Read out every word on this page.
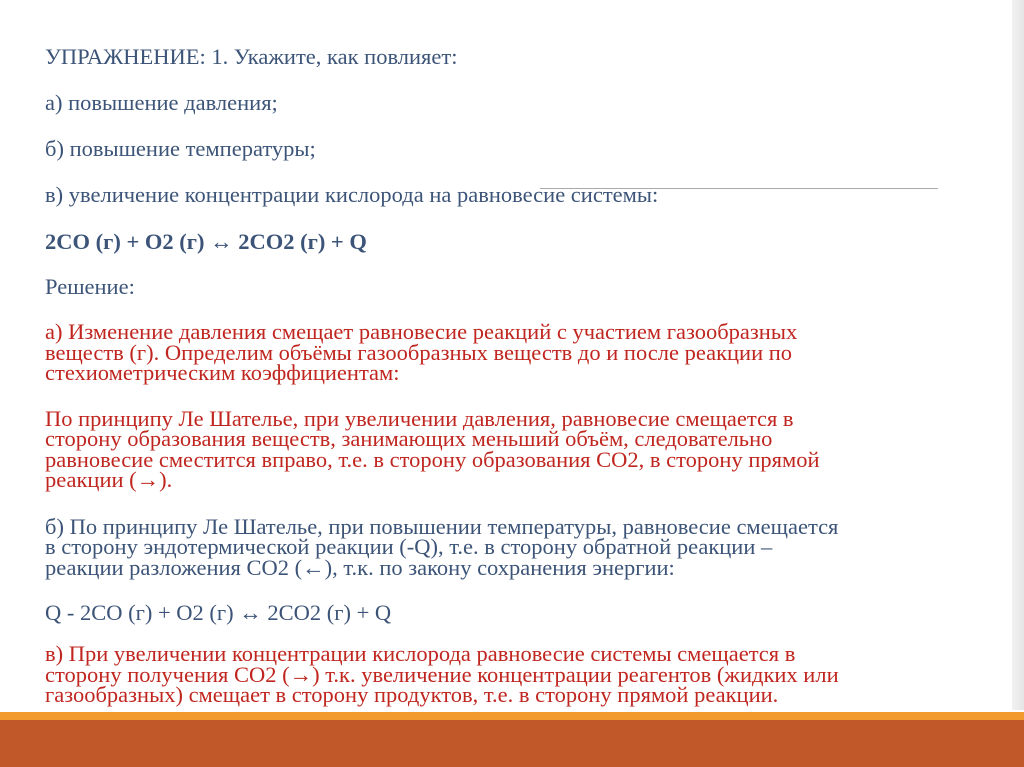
УПРАЖНЕНИЕ: 1. Укажите, как повлияет:

а) повышение давления;

б) повышение температуры;

в) увеличение концентрации кислорода на равновесие системы:

2CO (г) + O2 (г) ↔ 2CO2 (г) + Q

Решение:

а) Изменение давления смещает равновесие реакций с участием газообразных
веществ (г). Определим объёмы газообразных веществ до и после реакции по
стехиометрическим коэффициентам:
По принципу Ле Шателье, при увеличении давления, равновесие смещается в
сторону образования веществ, занимающих меньший объём, следовательно
равновесие сместится вправо, т.е. в сторону образования CO2, в сторону прямой
реакции (→).
б) По принципу Ле Шателье, при повышении температуры, равновесие смещается
в сторону эндотермической реакции (-Q), т.е. в сторону обратной реакции –
реакции разложения CO2 (←), т.к. по закону сохранения энергии:

Q - 2CO (г) + O2 (г) ↔ 2CO2 (г) + Q

в) При увеличении концентрации кислорода равновесие системы смещается в
сторону получения CO2 (→) т.к. увеличение концентрации реагентов (жидких или
газообразных) смещает в сторону продуктов, т.е. в сторону прямой реакции.
